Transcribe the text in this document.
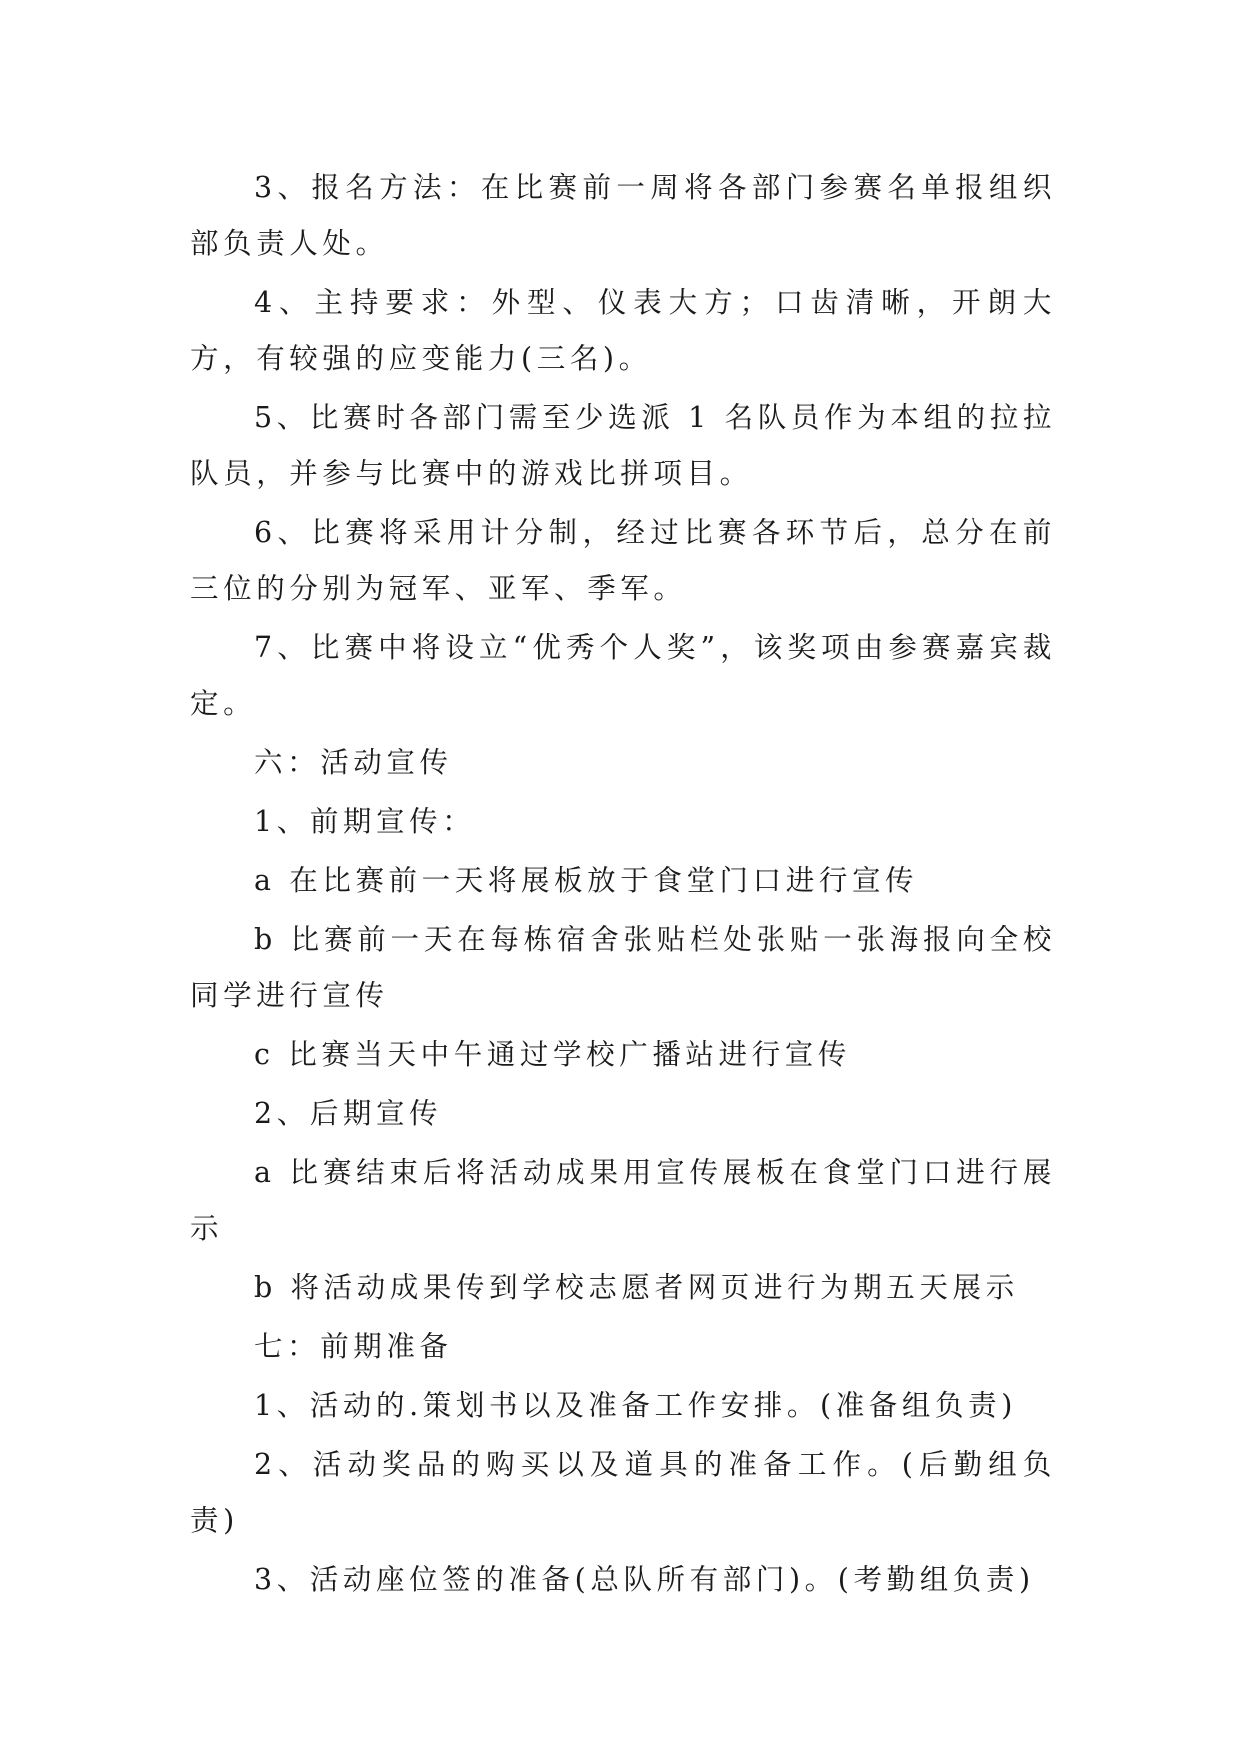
3、报名方法：在比赛前一周将各部门参赛名单报组织部负责人处。

4、主持要求：外型、仪表大方；口齿清晰，开朗大方，有较强的应变能力(三名)。

5、比赛时各部门需至少选派 1 名队员作为本组的拉拉队员，并参与比赛中的游戏比拼项目。

6、比赛将采用计分制，经过比赛各环节后，总分在前三位的分别为冠军、亚军、季军。

7、比赛中将设立“优秀个人奖”，该奖项由参赛嘉宾裁定。

六：活动宣传

1、前期宣传：

a 在比赛前一天将展板放于食堂门口进行宣传

b 比赛前一天在每栋宿舍张贴栏处张贴一张海报向全校同学进行宣传

c 比赛当天中午通过学校广播站进行宣传

2、后期宣传

a 比赛结束后将活动成果用宣传展板在食堂门口进行展示

b 将活动成果传到学校志愿者网页进行为期五天展示

七：前期准备

1、活动的.策划书以及准备工作安排。(准备组负责)

2、活动奖品的购买以及道具的准备工作。(后勤组负责)

3、活动座位签的准备(总队所有部门)。(考勤组负责)
